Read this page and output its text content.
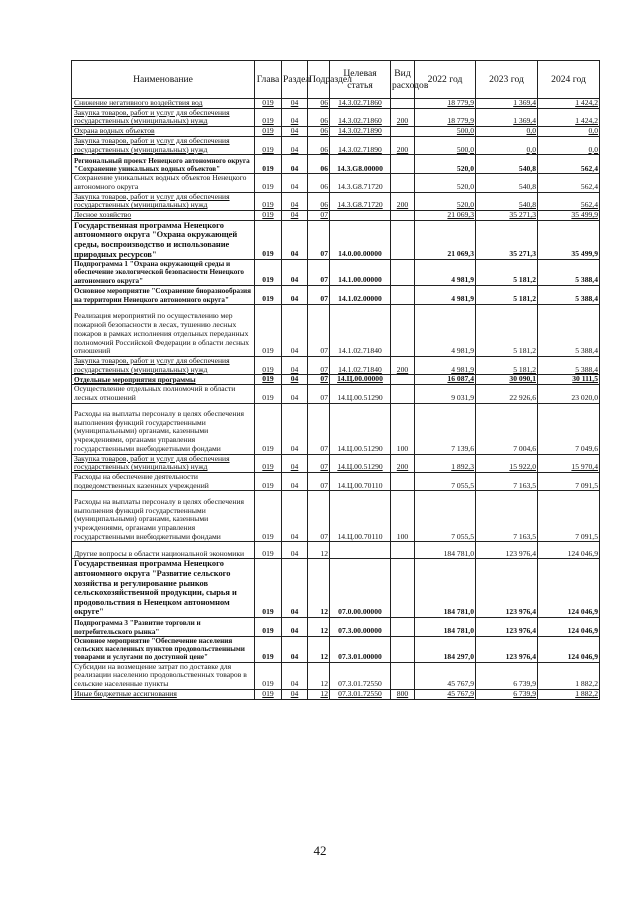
Наименование	Глава	Раздел	Подраздел	Целевая статья	Вид расходов	2022 год	2023 год	2024 год
Снижение негативного воздействия вод	019	04	06	14.3.02.71860		18 779,9	1 369,4	1 424,2
Закупка товаров, работ и услуг для обеспечения государственных (муниципальных) нужд	019	04	06	14.3.02.71860	200	18 779,9	1 369,4	1 424,2
Охрана водных объектов	019	04	06	14.3.02.71890		500,0	0,0	0,0
Закупка товаров, работ и услуг для обеспечения государственных (муниципальных) нужд	019	04	06	14.3.02.71890	200	500,0	0,0	0,0
Региональный проект Ненецкого автономного округа "Сохранение уникальных водных объектов"	019	04	06	14.3.G8.00000		520,0	540,8	562,4
Сохранение уникальных водных объектов Ненецкого автономного округа	019	04	06	14.3.G8.71720		520,0	540,8	562,4
Закупка товаров, работ и услуг для обеспечения государственных (муниципальных) нужд	019	04	06	14.3.G8.71720	200	520,0	540,8	562,4
Лесное хозяйство	019	04	07			21 069,3	35 271,3	35 499,9
Государственная программа Ненецкого автономного округа "Охрана окружающей среды, воспроизводство и использование природных ресурсов"	019	04	07	14.0.00.00000		21 069,3	35 271,3	35 499,9
Подпрограмма 1 "Охрана окружающей среды и обеспечение экологической безопасности Ненецкого автономного округа"	019	04	07	14.1.00.00000		4 981,9	5 181,2	5 388,4
Основное мероприятие "Сохранение биоразнообразия на территории Ненецкого автономного округа"	019	04	07	14.1.02.00000		4 981,9	5 181,2	5 388,4
Реализация мероприятий по осуществлению мер пожарной безопасности в лесах, тушению лесных пожаров в рамках исполнения отдельных переданных полномочий Российской Федерации в области лесных отношений	019	04	07	14.1.02.71840		4 981,9	5 181,2	5 388,4
Закупка товаров, работ и услуг для обеспечения государственных (муниципальных) нужд	019	04	07	14.1.02.71840	200	4 981,9	5 181,2	5 388,4
Отдельные мероприятия программы	019	04	07	14.Ц.00.00000		16 087,4	30 090,1	30 111,5
Осуществление отдельных полномочий в области лесных отношений	019	04	07	14.Ц.00.51290		9 031,9	22 926,6	23 020,0
Расходы на выплаты персоналу в целях обеспечения выполнения функций государственными (муниципальными) органами, казенными учреждениями, органами управления государственными внебюджетными фондами	019	04	07	14.Ц.00.51290	100	7 139,6	7 004,6	7 049,6
Закупка товаров, работ и услуг для обеспечения государственных (муниципальных) нужд	019	04	07	14.Ц.00.51290	200	1 892,3	15 922,0	15 970,4
Расходы на обеспечение деятельности подведомственных казенных учреждений	019	04	07	14.Ц.00.70110		7 055,5	7 163,5	7 091,5
Расходы на выплаты персоналу в целях обеспечения выполнения функций государственными (муниципальными) органами, казенными учреждениями, органами управления государственными внебюджетными фондами	019	04	07	14.Ц.00.70110	100	7 055,5	7 163,5	7 091,5
Другие вопросы в области национальной экономики	019	04	12			184 781,0	123 976,4	124 046,9
Государственная программа Ненецкого автономного округа "Развитие сельского хозяйства и регулирование рынков сельскохозяйственной продукции, сырья и продовольствия в Ненецком автономном округе"	019	04	12	07.0.00.00000		184 781,0	123 976,4	124 046,9
Подпрограмма 3 "Развитие торговли и потребительского рынка"	019	04	12	07.3.00.00000		184 781,0	123 976,4	124 046,9
Основное мероприятие "Обеспечение населения сельских населенных пунктов продовольственными товарами и услугами по доступной цене"	019	04	12	07.3.01.00000		184 297,0	123 976,4	124 046,9
Субсидии на возмещение затрат по доставке для реализации населению продовольственных товаров в сельские населенные пункты	019	04	12	07.3.01.72550		45 767,9	6 739,9	1 882,2
Иные бюджетные ассигнования	019	04	12	07.3.01.72550	800	45 767,9	6 739,9	1 882,2
42
